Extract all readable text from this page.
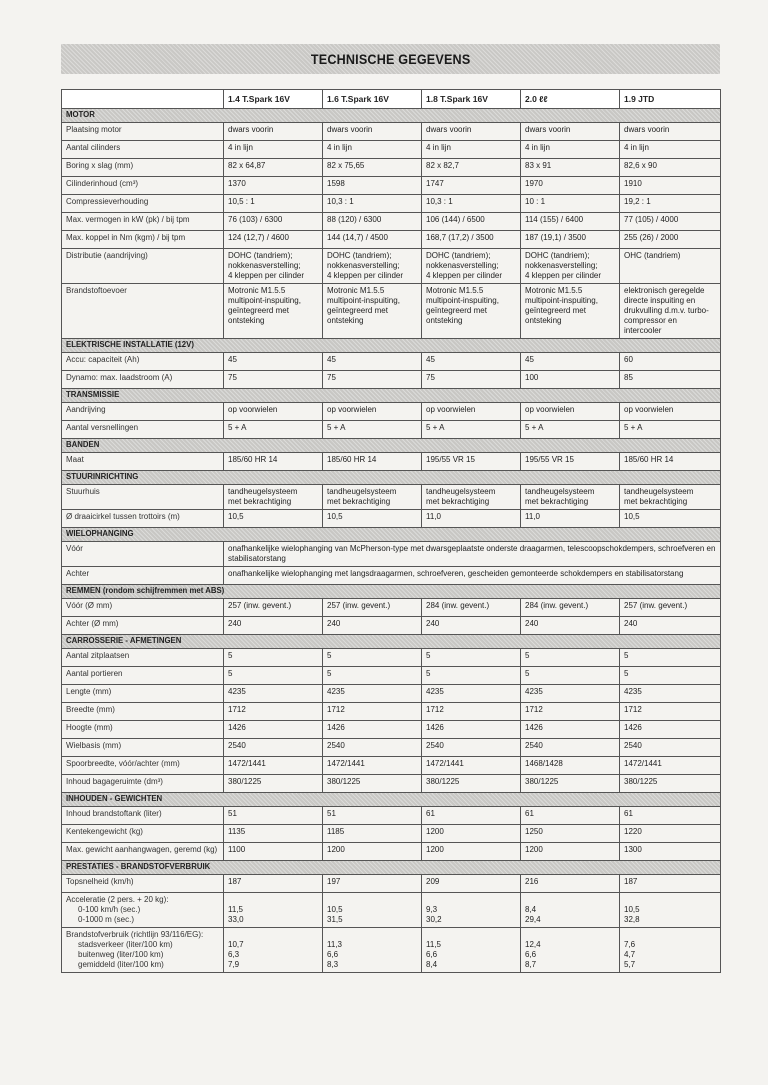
TECHNISCHE GEGEVENS
	1.4 T.Spark 16V	1.6 T.Spark 16V	1.8 T.Spark 16V	2.0 ℓℓ	1.9 JTD
MOTOR					
Plaatsing motor	dwars voorin	dwars voorin	dwars voorin	dwars voorin	dwars voorin
Aantal cilinders	4 in lijn	4 in lijn	4 in lijn	4 in lijn	4 in lijn
Boring x slag (mm)	82 x 64,87	82 x 75,65	82 x 82,7	83 x 91	82,6 x 90
Cilinderinhoud (cm³)	1370	1598	1747	1970	1910
Compressieverhouding	10,5 : 1	10,3 : 1	10,3 : 1	10 : 1	19,2 : 1
Max. vermogen in kW (pk) / bij tpm	76 (103) / 6300	88 (120) / 6300	106 (144) / 6500	114 (155) / 6400	77 (105) / 4000
Max. koppel in Nm (kgm) / bij tpm	124 (12,7) / 4600	144 (14,7) / 4500	168,7 (17,2) / 3500	187 (19,1) / 3500	255 (26) / 2000
Distributie (aandrijving)	DOHC (tandriem);
nokkenasverstelling;
4 kleppen per cilinder	DOHC (tandriem);
nokkenasverstelling;
4 kleppen per cilinder	DOHC (tandriem);
nokkenasverstelling;
4 kleppen per cilinder	DOHC (tandriem);
nokkenasverstelling;
4 kleppen per cilinder	OHC (tandriem)

Brandstoftoevoer	Motronic M1.5.5
multipoint-inspuiting,
geïntegreerd met ontsteking	Motronic M1.5.5
multipoint-inspuiting,
geïntegreerd met ontsteking	Motronic M1.5.5
multipoint-inspuiting,
geïntegreerd met ontsteking	Motronic M1.5.5
multipoint-inspuiting,
geïntegreerd met ontsteking	elektronisch geregelde
directe inspuiting en
drukvulling d.m.v. turbo-
compressor en intercooler

ELEKTRISCHE INSTALLATIE (12V)					
Accu: capaciteit (Ah)	45	45	45	45	60
Dynamo: max. laadstroom (A)	75	75	75	100	85
TRANSMISSIE					
Aandrijving	op voorwielen	op voorwielen	op voorwielen	op voorwielen	op voorwielen
Aantal versnellingen	5 + A	5 + A	5 + A	5 + A	5 + A
BANDEN					
Maat	185/60 HR 14	185/60 HR 14	195/55 VR 15	195/55 VR 15	185/60 HR 14
STUURINRICHTING					
Stuurhuis	tandheugelsysteem
met bekrachtiging	tandheugelsysteem
met bekrachtiging	tandheugelsysteem
met bekrachtiging	tandheugelsysteem
met bekrachtiging	tandheugelsysteem
met bekrachtiging

Ø draaicirkel tussen trottoirs (m)	10,5	10,5	11,0	11,0	10,5
WIELOPHANGING					
Vóór	onafhankelijke wielophanging van McPherson-type met dwarsgeplaatste onderste draagarmen, telescoopschokdempers, schroefveren en stabilisatorstang				
Achter	onafhankelijke wielophanging met langsdraagarmen, schroefveren, gescheiden gemonteerde schokdempers en stabilisatorstang				
REMMEN (rondom schijfremmen met ABS)					
Vóór (Ø mm)	257 (inw. gevent.)	257 (inw. gevent.)	284 (inw. gevent.)	284 (inw. gevent.)	257 (inw. gevent.)
Achter (Ø mm)	240	240	240	240	240
CARROSSERIE - AFMETINGEN					
Aantal zitplaatsen	5	5	5	5	5
Aantal portieren	5	5	5	5	5
Lengte (mm)	4235	4235	4235	4235	4235
Breedte (mm)	1712	1712	1712	1712	1712
Hoogte (mm)	1426	1426	1426	1426	1426
Wielbasis (mm)	2540	2540	2540	2540	2540
Spoorbreedte, vóór/achter (mm)	1472/1441	1472/1441	1472/1441	1468/1428	1472/1441
Inhoud bagageruimte (dm³)	380/1225	380/1225	380/1225	380/1225	380/1225
INHOUDEN - GEWICHTEN					
Inhoud brandstoftank (liter)	51	51	61	61	61
Kentekengewicht (kg)	1135	1185	1200	1250	1220
Max. gewicht aanhangwagen, geremd (kg)	1100	1200	1200	1200	1300
PRESTATIES - BRANDSTOFVERBRUIK					
Topsnelheid (km/h)	187	197	209	216	187

Acceleratie (2 pers. + 20 kg):
0-100 km/h (sec.)
0-1000 m (sec.)	11,5
33,0	10,5
31,5	9,3
30,2	8,4
29,4	10,5
32,8

Brandstofverbruik (richtlijn 93/116/EG):
stadsverkeer (liter/100 km)
buitenweg (liter/100 km)
gemiddeld (liter/100 km)	10,7
6,3
7,9	11,3
6,6
8,3	11,5
6,6
8,4	12,4
6,6
8,7	7,6
4,7
5,7
